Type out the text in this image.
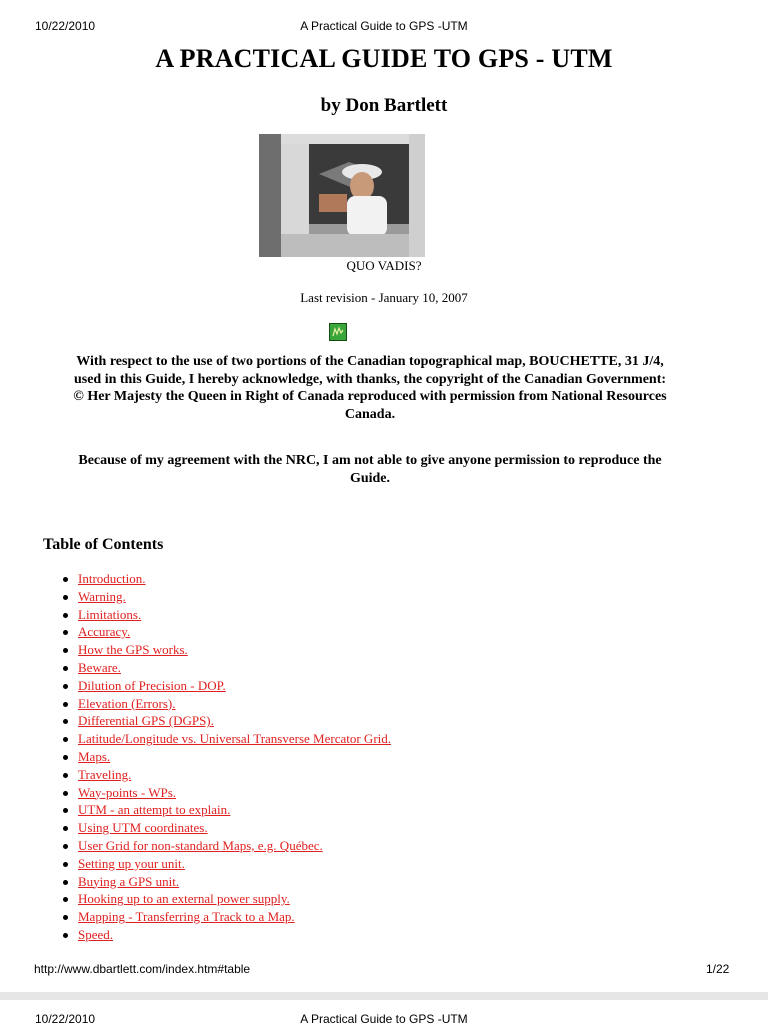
10/22/2010	A Practical Guide to GPS -UTM
A PRACTICAL GUIDE TO GPS - UTM
by Don Bartlett
QUO VADIS?
Last revision - January 10, 2007
With respect to the use of two portions of the Canadian topographical map, BOUCHETTE, 31 J/4,
used in this Guide, I hereby acknowledge, with thanks, the copyright of the Canadian Government:
© Her Majesty the Queen in Right of Canada reproduced with permission from National Resources
Canada.
Because of my agreement with the NRC, I am not able to give anyone permission to reproduce the
Guide.
Table of Contents
Introduction.
Warning.
Limitations.
Accuracy.
How the GPS works.
Beware.
Dilution of Precision - DOP.
Elevation (Errors).
Differential GPS (DGPS).
Latitude/Longitude vs. Universal Transverse Mercator Grid.
Maps.
Traveling.
Way-points - WPs.
UTM - an attempt to explain.
Using UTM coordinates.
User Grid for non-standard Maps, e.g. Québec.
Setting up your unit.
Buying a GPS unit.
Hooking up to an external power supply.
Mapping - Transferring a Track to a Map.
Speed.
http://www.dbartlett.com/index.htm#table	1/22
10/22/2010	A Practical Guide to GPS -UTM
